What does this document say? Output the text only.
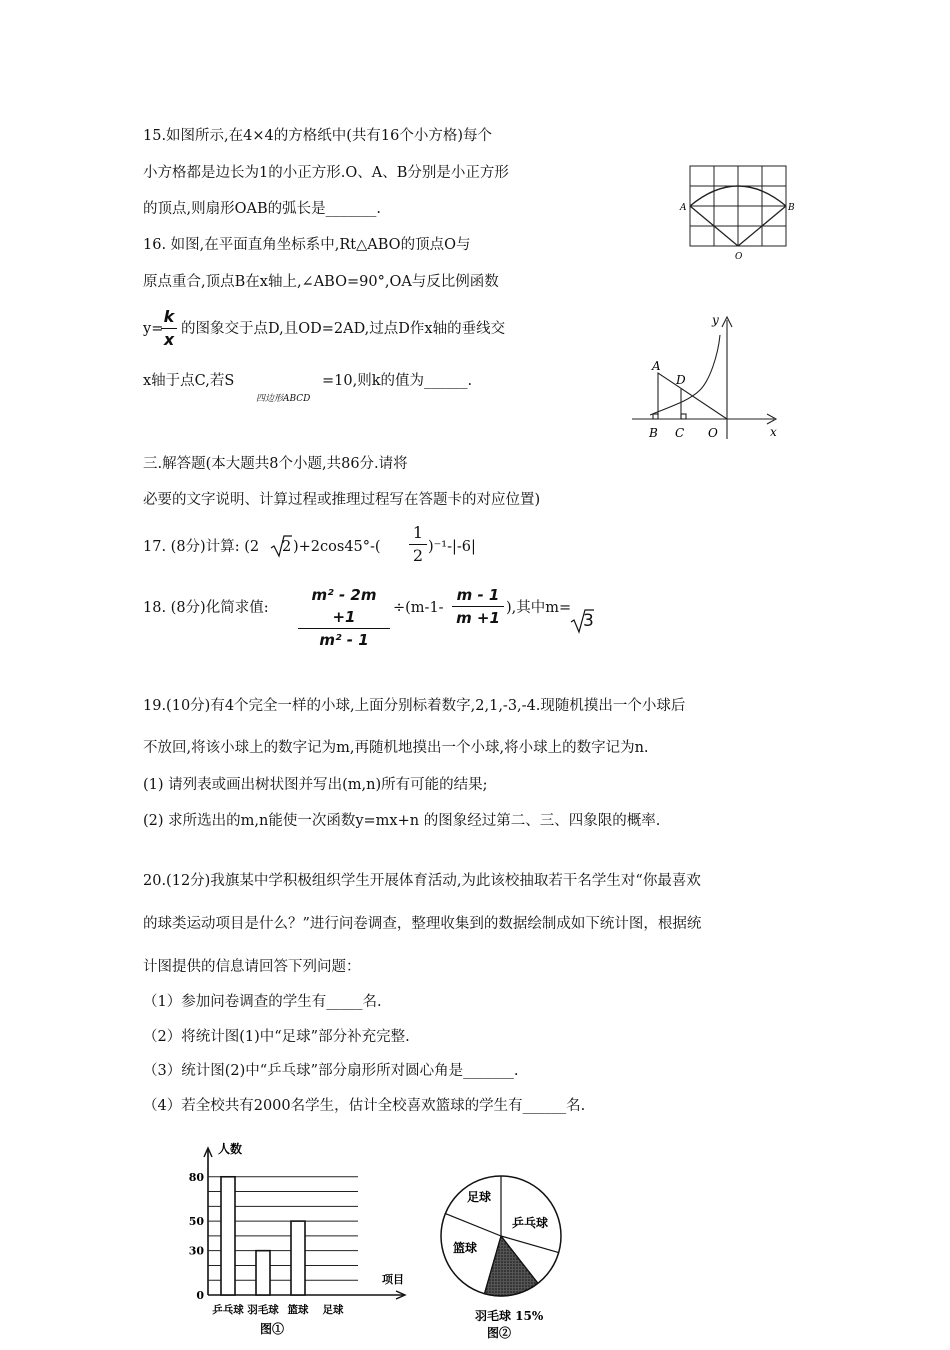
15.如图所示,在4×4的方格纸中(共有16个小方格)每个
小方格都是边长为1的小正方形.O、A、B分别是小正方形
的顶点,则扇形OAB的弧长是_______.	A	B
O
16. 如图,在平面直角坐标系中,Rt△ABO的顶点O与
原点重合,顶点B在x轴上,∠ABO=90°,OA与反比例函数
y=
k
x
的图象交于点D,且OD=2AD,过点D作x轴的垂线交
x轴于点C,若S
四边形ABCD
=10,则k的值为______.
y
x
A
D
B C O
三.解答题(本大题共8个小题,共86分.请将
必要的文字说明、计算过程或推理过程写在答题卡的对应位置)
17. (8分)计算: (2 2 )+2cos45°-(
1
2 )⁻¹-|-6|
18. (8分)化简求值:
m² - 2m +1
m² - 1
÷(m-1-
m - 1
m +1
),其中m=
3
19.(10分)有4个完全一样的小球,上面分别标着数字,2,1,-3,-4.现随机摸出一个小球后
不放回,将该小球上的数字记为m,再随机地摸出一个小球,将小球上的数字记为n.
(1) 请列表或画出树状图并写出(m,n)所有可能的结果;
(2) 求所选出的m,n能使一次函数y=mx+n 的图象经过第二、三、四象限的概率.
20.(12分)我旗某中学积极组织学生开展体育活动,为此该校抽取若干名学生对“你最喜欢
的球类运动项目是什么？”进行问卷调查，整理收集到的数据绘制成如下统计图，根据统
计图提供的信息请回答下列问题：
（1）参加问卷调查的学生有_____名.
（2）将统计图(1)中“足球”部分补充完整.
（3）统计图(2)中“乒乓球”部分扇形所对圆心角是_______.
（4）若全校共有2000名学生，估计全校喜欢篮球的学生有______名.
人数
项目
图①
0
30
50
80
乒乓球 羽毛球 篮球 足球
足球
乒乓球
羽毛球 15%
篮球
图②
